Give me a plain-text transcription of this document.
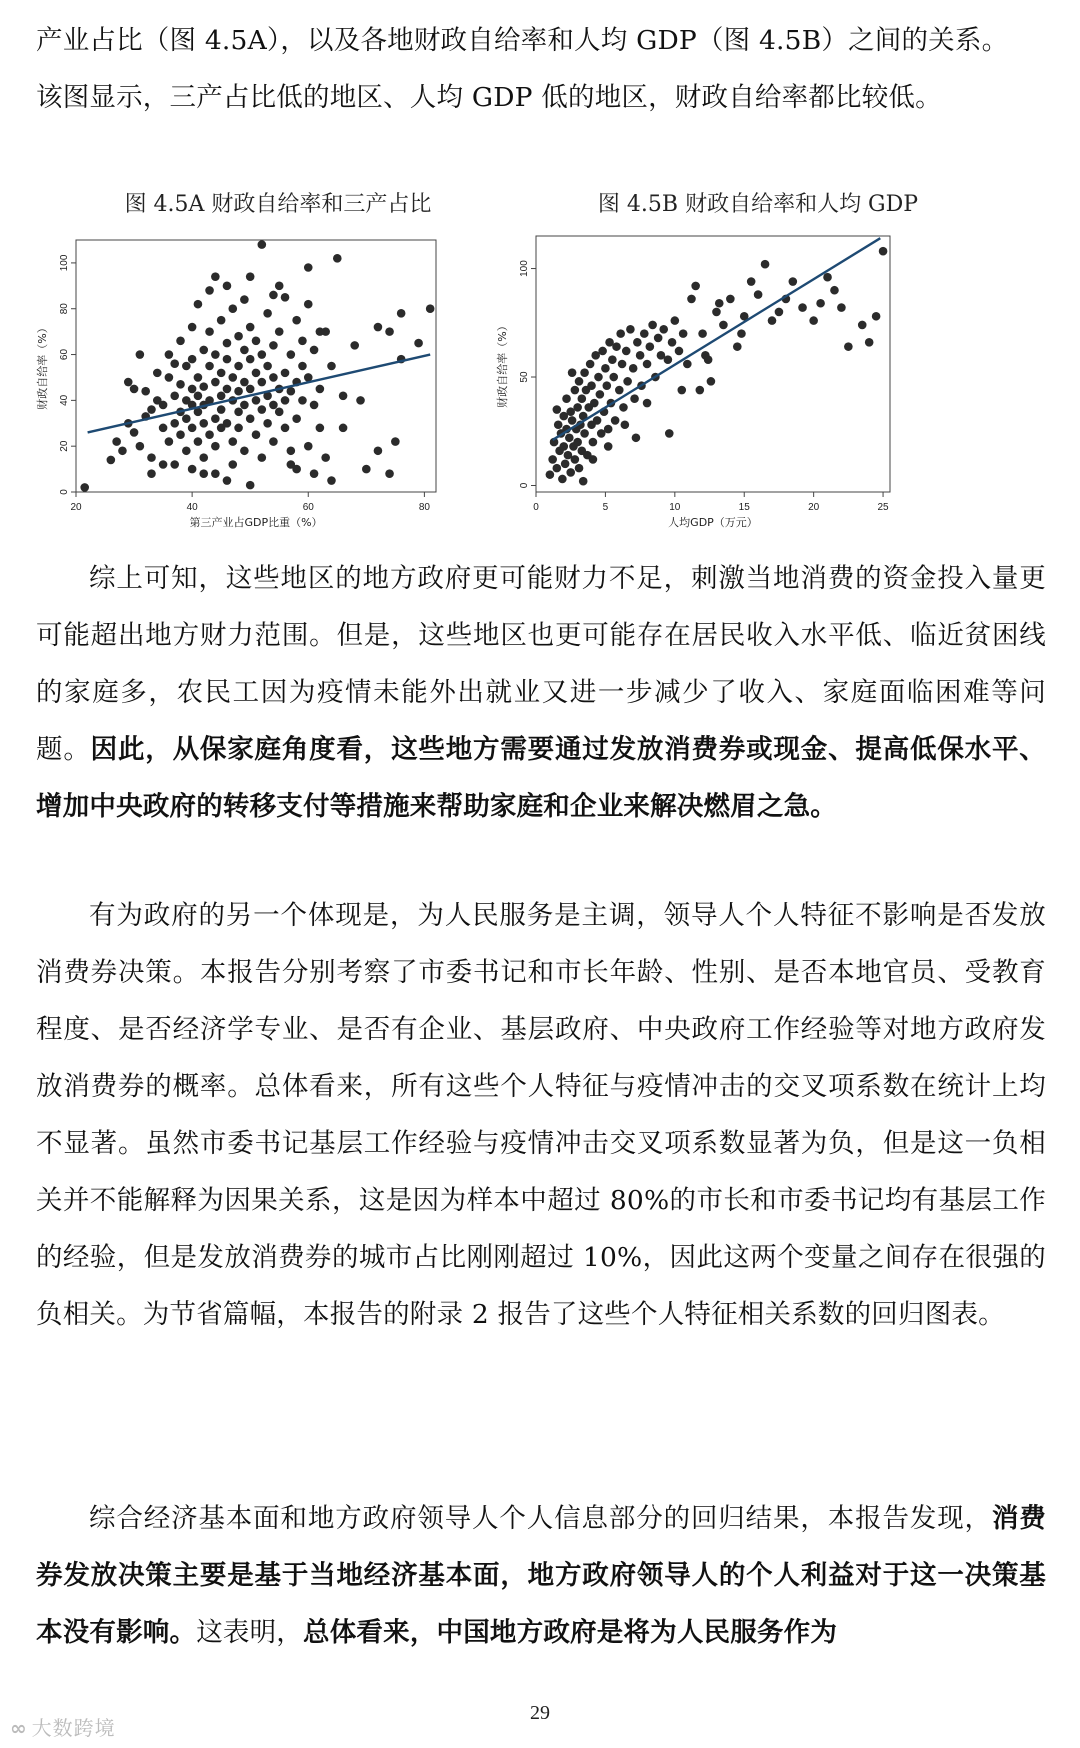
产业占比（图 4.5A），以及各地财政自给率和人均 GDP（图 4.5B）之间的关系。
该图显示，三产占比低的地区、人均 GDP 低的地区，财政自给率都比较低。

图 4.5A 财政自给率和三产占比
20	40	60	80
0
20
40
60
80
100
第三产业占GDP比重（%）
财政自给率（%）
图 4.5B 财政自给率和人均 GDP
0	5	10	15	20	25
0
50
100
人均GDP（万元）
财政自给率（%）

综上可知，这些地区的地方政府更可能财力不足，刺激当地消费的资金投入量更可能超出地方财力范围。但是，这些地区也更可能存在居民收入水平低、临近贫困线的家庭多，农民工因为疫情未能外出就业又进一步减少了收入、家庭面临困难等问题。因此，从保家庭角度看，这些地方需要通过发放消费券或现金、提高低保水平、增加中央政府的转移支付等措施来帮助家庭和企业来解决燃眉之急。

有为政府的另一个体现是，为人民服务是主调，领导人个人特征不影响是否发放消费券决策。本报告分别考察了市委书记和市长年龄、性别、是否本地官员、受教育程度、是否经济学专业、是否有企业、基层政府、中央政府工作经验等对地方政府发放消费券的概率。总体看来，所有这些个人特征与疫情冲击的交叉项系数在统计上均不显著。虽然市委书记基层工作经验与疫情冲击交叉项系数显著为负，但是这一负相关并不能解释为因果关系，这是因为样本中超过 80%的市长和市委书记均有基层工作的经验，但是发放消费券的城市占比刚刚超过 10%，因此这两个变量之间存在很强的负相关。为节省篇幅，本报告的附录 2 报告了这些个人特征相关系数的回归图表。

综合经济基本面和地方政府领导人个人信息部分的回归结果，本报告发现，消费券发放决策主要是基于当地经济基本面，地方政府领导人的个人利益对于这一决策基本没有影响。这表明，总体看来，中国地方政府是将为人民服务作为

29
∞ 大数跨境
